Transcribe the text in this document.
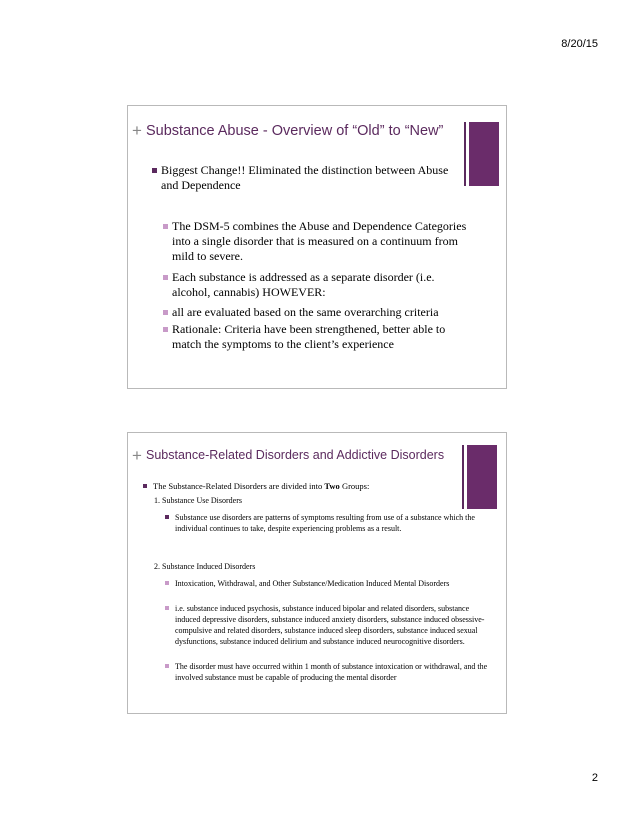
8/20/15
+ Substance Abuse - Overview of “Old” to “New”
Biggest Change!! Eliminated the distinction between Abuse and Dependence
The DSM-5 combines the Abuse and Dependence Categories into a single disorder that is measured on a continuum from mild to severe.
Each substance is addressed as a separate disorder (i.e. alcohol, cannabis) HOWEVER:
all are evaluated based on the same overarching criteria
Rationale: Criteria have been strengthened, better able to match the symptoms to the client’s experience
+ Substance-Related Disorders and Addictive Disorders
The Substance-Related Disorders are divided into Two Groups:
1. Substance Use Disorders
Substance use disorders are patterns of symptoms resulting from use of a substance which the individual continues to take, despite experiencing problems as a result.
2. Substance Induced Disorders
Intoxication, Withdrawal, and Other Substance/Medication Induced Mental Disorders
i.e. substance induced psychosis, substance induced bipolar and related disorders, substance induced depressive disorders, substance induced anxiety disorders, substance induced obsessive-compulsive and related disorders, substance induced sleep disorders, substance induced sexual dysfunctions, substance induced delirium and substance induced neurocognitive disorders.
The disorder must have occurred within 1 month of substance intoxication or withdrawal, and the involved substance must be capable of producing the mental disorder
2
